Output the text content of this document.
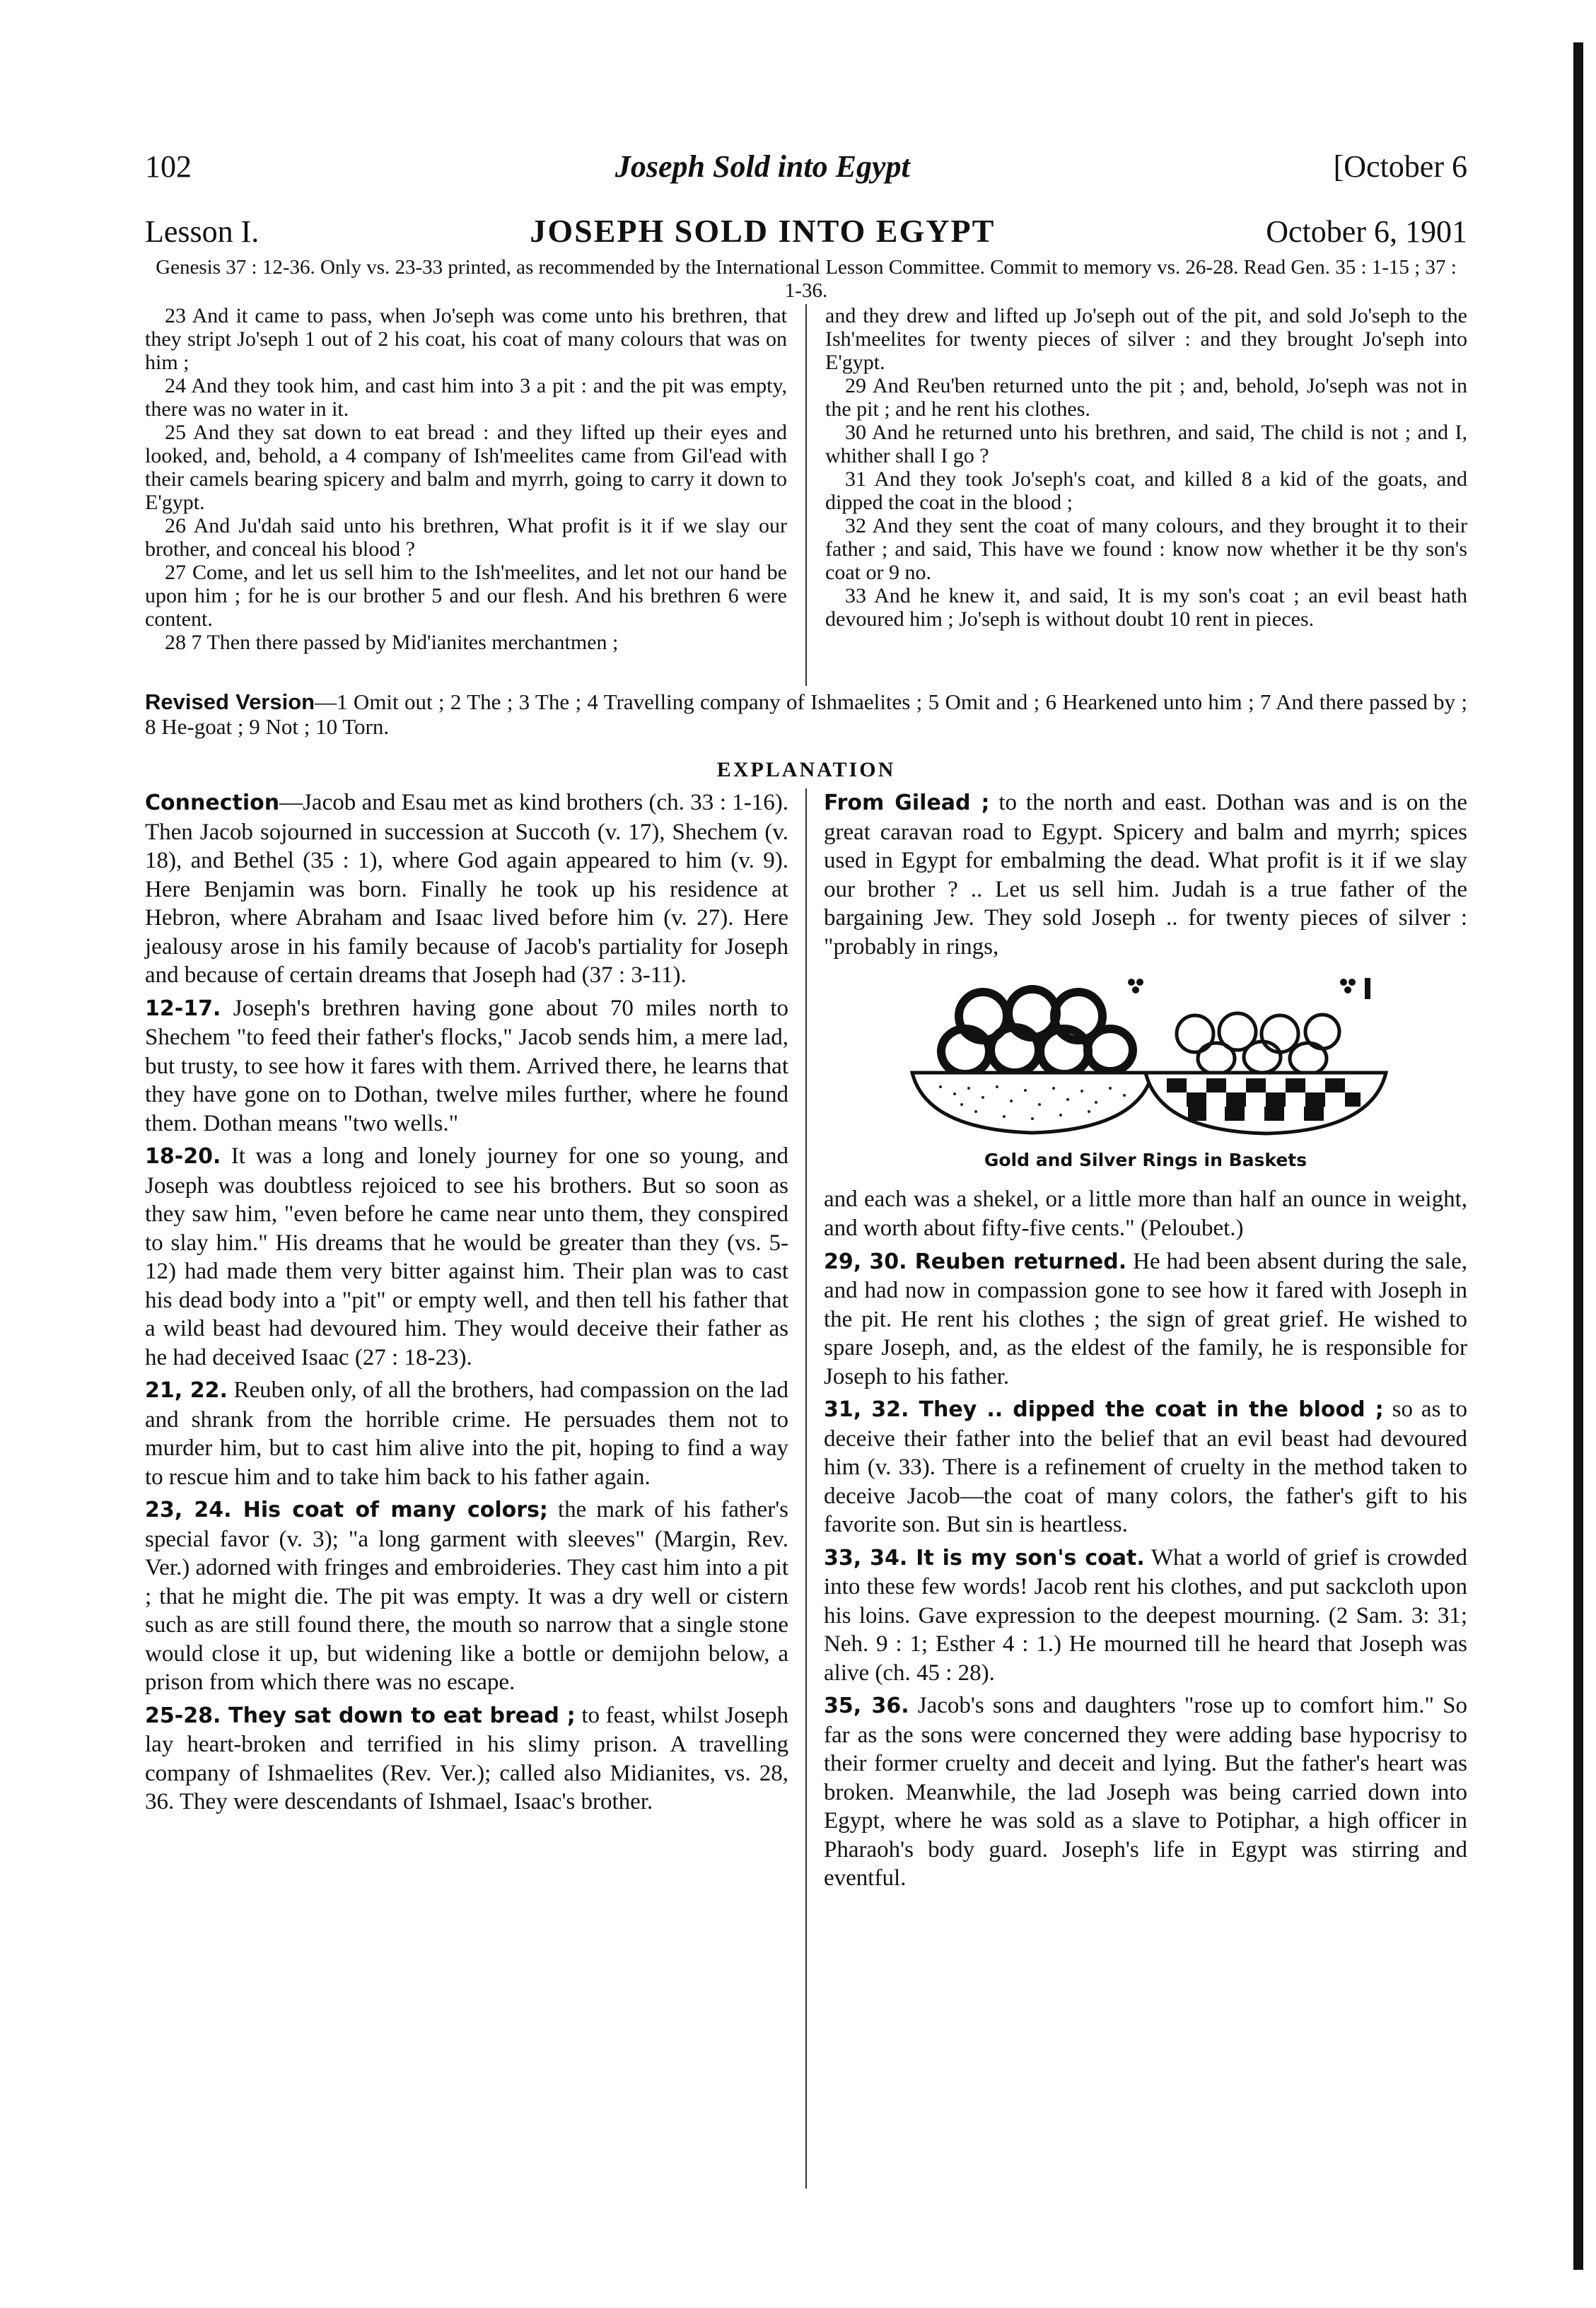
102	Joseph Sold into Egypt	[October 6
Lesson I.	JOSEPH SOLD INTO EGYPT	October 6, 1901
Genesis 37 : 12-36. Only vs. 23-33 printed, as recommended by the International Lesson Committee. Commit to memory vs. 26-28. Read Gen. 35 : 1-15 ; 37 : 1-36.

23 And it came to pass, when Jo'seph was come unto his brethren, that they stript Jo'seph 1 out of 2 his coat, his coat of many colours that was on him ;

24 And they took him, and cast him into 3 a pit : and the pit was empty, there was no water in it.

25 And they sat down to eat bread : and they lifted up their eyes and looked, and, behold, a 4 company of Ish'meelites came from Gil'ead with their camels bearing spicery and balm and myrrh, going to carry it down to E'gypt.

26 And Ju'dah said unto his brethren, What profit is it if we slay our brother, and conceal his blood ?

27 Come, and let us sell him to the Ish'meelites, and let not our hand be upon him ; for he is our brother 5 and our flesh. And his brethren 6 were content.

28 7 Then there passed by Mid'ianites merchantmen ;

and they drew and lifted up Jo'seph out of the pit, and sold Jo'seph to the Ish'meelites for twenty pieces of silver : and they brought Jo'seph into E'gypt.

29 And Reu'ben returned unto the pit ; and, behold, Jo'seph was not in the pit ; and he rent his clothes.

30 And he returned unto his brethren, and said, The child is not ; and I, whither shall I go ?

31 And they took Jo'seph's coat, and killed 8 a kid of the goats, and dipped the coat in the blood ;

32 And they sent the coat of many colours, and they brought it to their father ; and said, This have we found : know now whether it be thy son's coat or 9 no.

33 And he knew it, and said, It is my son's coat ; an evil beast hath devoured him ; Jo'seph is without doubt 10 rent in pieces.

Revised Version—1 Omit out ; 2 The ; 3 The ; 4 Travelling company of Ishmaelites ; 5 Omit and ; 6 Hearkened unto him ; 7 And there passed by ; 8 He-goat ; 9 Not ; 10 Torn.
EXPLANATION

Connection—Jacob and Esau met as kind brothers (ch. 33 : 1-16). Then Jacob sojourned in succession at Succoth (v. 17), Shechem (v. 18), and Bethel (35 : 1), where God again appeared to him (v. 9). Here Benjamin was born. Finally he took up his residence at Hebron, where Abraham and Isaac lived before him (v. 27). Here jealousy arose in his family because of Jacob's partiality for Joseph and because of certain dreams that Joseph had (37 : 3-11).

12-17. Joseph's brethren having gone about 70 miles north to Shechem "to feed their father's flocks," Jacob sends him, a mere lad, but trusty, to see how it fares with them. Arrived there, he learns that they have gone on to Dothan, twelve miles further, where he found them. Dothan means "two wells."

18-20. It was a long and lonely journey for one so young, and Joseph was doubtless rejoiced to see his brothers. But so soon as they saw him, "even before he came near unto them, they conspired to slay him." His dreams that he would be greater than they (vs. 5-12) had made them very bitter against him. Their plan was to cast his dead body into a "pit" or empty well, and then tell his father that a wild beast had devoured him. They would deceive their father as he had deceived Isaac (27 : 18-23).

21, 22. Reuben only, of all the brothers, had compassion on the lad and shrank from the horrible crime. He persuades them not to murder him, but to cast him alive into the pit, hoping to find a way to rescue him and to take him back to his father again.

23, 24. His coat of many colors; the mark of his father's special favor (v. 3); "a long garment with sleeves" (Margin, Rev. Ver.) adorned with fringes and embroideries. They cast him into a pit ; that he might die. The pit was empty. It was a dry well or cistern such as are still found there, the mouth so narrow that a single stone would close it up, but widening like a bottle or demijohn below, a prison from which there was no escape.

25-28. They sat down to eat bread ; to feast, whilst Joseph lay heart-broken and terrified in his slimy prison. A travelling company of Ishmaelites (Rev. Ver.); called also Midianites, vs. 28, 36. They were descendants of Ishmael, Isaac's brother.

From Gilead ; to the north and east. Dothan was and is on the great caravan road to Egypt. Spicery and balm and myrrh; spices used in Egypt for embalming the dead. What profit is it if we slay our brother ? .. Let us sell him. Judah is a true father of the bargaining Jew. They sold Joseph .. for twenty pieces of silver : "probably in rings,

Gold and Silver Rings in Baskets

and each was a shekel, or a little more than half an ounce in weight, and worth about fifty-five cents." (Peloubet.)

29, 30. Reuben returned. He had been absent during the sale, and had now in compassion gone to see how it fared with Joseph in the pit. He rent his clothes ; the sign of great grief. He wished to spare Joseph, and, as the eldest of the family, he is responsible for Joseph to his father.

31, 32. They .. dipped the coat in the blood ; so as to deceive their father into the belief that an evil beast had devoured him (v. 33). There is a refinement of cruelty in the method taken to deceive Jacob—the coat of many colors, the father's gift to his favorite son. But sin is heartless.

33, 34. It is my son's coat. What a world of grief is crowded into these few words! Jacob rent his clothes, and put sackcloth upon his loins. Gave expression to the deepest mourning. (2 Sam. 3: 31; Neh. 9 : 1; Esther 4 : 1.) He mourned till he heard that Joseph was alive (ch. 45 : 28).

35, 36. Jacob's sons and daughters "rose up to comfort him." So far as the sons were concerned they were adding base hypocrisy to their former cruelty and deceit and lying. But the father's heart was broken. Meanwhile, the lad Joseph was being carried down into Egypt, where he was sold as a slave to Potiphar, a high officer in Pharaoh's body guard. Joseph's life in Egypt was stirring and eventful.
